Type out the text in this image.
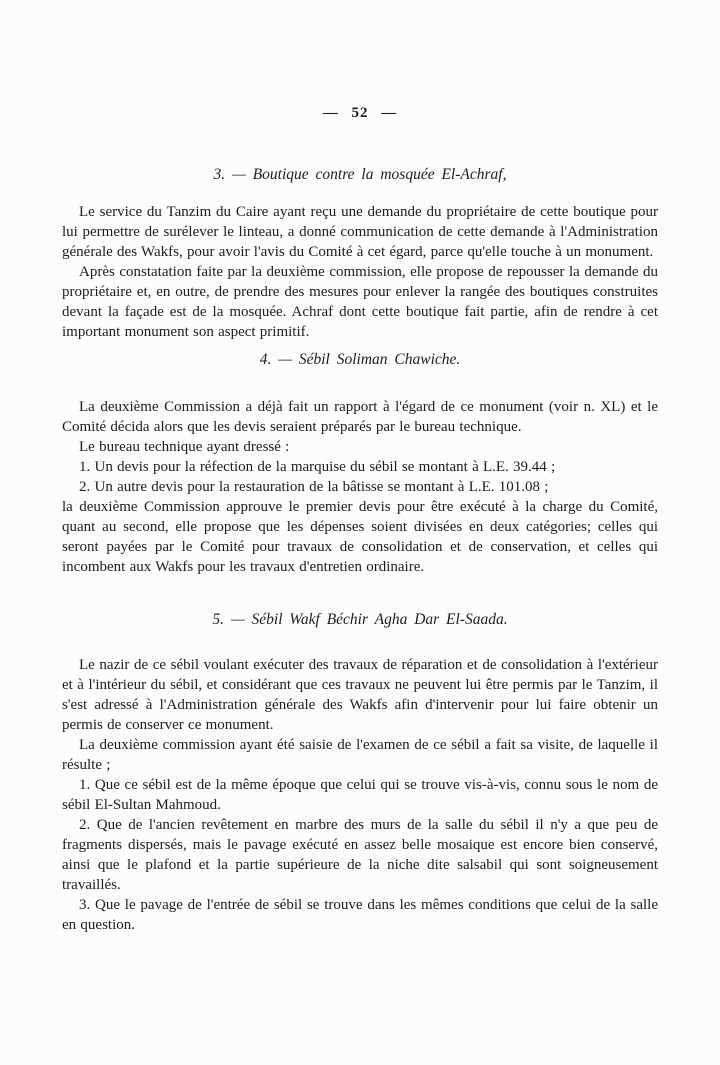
— 52 —
3. — Boutique contre la mosquée El-Achraf,

Le service du Tanzim du Caire ayant reçu une demande du propriétaire de cette boutique pour lui permettre de surélever le linteau, a donné communication de cette demande à l'Administration générale des Wakfs, pour avoir l'avis du Comité à cet égard, parce qu'elle touche à un monument.

Après constatation faite par la deuxième commission, elle propose de repousser la demande du propriétaire et, en outre, de prendre des mesures pour enlever la rangée des boutiques construites devant la façade est de la mosquée. Achraf dont cette boutique fait partie, afin de rendre à cet important monument son aspect primitif.

4. — Sébil Soliman Chawiche.

La deuxième Commission a déjà fait un rapport à l'égard de ce monument (voir n. XL) et le Comité décida alors que les devis seraient préparés par le bureau technique.

Le bureau technique ayant dressé :

1. Un devis pour la réfection de la marquise du sébil se montant à L.E. 39.44 ;

2. Un autre devis pour la restauration de la bâtisse se montant à L.E. 101.08 ;

la deuxième Commission approuve le premier devis pour être exécuté à la charge du Comité, quant au second, elle propose que les dépenses soient divisées en deux catégories; celles qui seront payées par le Comité pour travaux de consolidation et de conservation, et celles qui incombent aux Wakfs pour les travaux d'entretien ordinaire.

5. — Sébil Wakf Béchir Agha Dar El-Saada.

Le nazir de ce sébil voulant exécuter des travaux de réparation et de consolidation à l'extérieur et à l'intérieur du sébil, et considérant que ces travaux ne peuvent lui être permis par le Tanzim, il s'est adressé à l'Administration générale des Wakfs afin d'intervenir pour lui faire obtenir un permis de conserver ce monument.

La deuxième commission ayant été saisie de l'examen de ce sébil a fait sa visite, de laquelle il résulte ;

1. Que ce sébil est de la même époque que celui qui se trouve vis-à-vis, connu sous le nom de sébil El-Sultan Mahmoud.

2. Que de l'ancien revêtement en marbre des murs de la salle du sébil il n'y a que peu de fragments dispersés, mais le pavage exécuté en assez belle mosaique est encore bien conservé, ainsi que le plafond et la partie supérieure de la niche dite salsabil qui sont soigneusement travaillés.

3. Que le pavage de l'entrée de sébil se trouve dans les mêmes conditions que celui de la salle en question.
